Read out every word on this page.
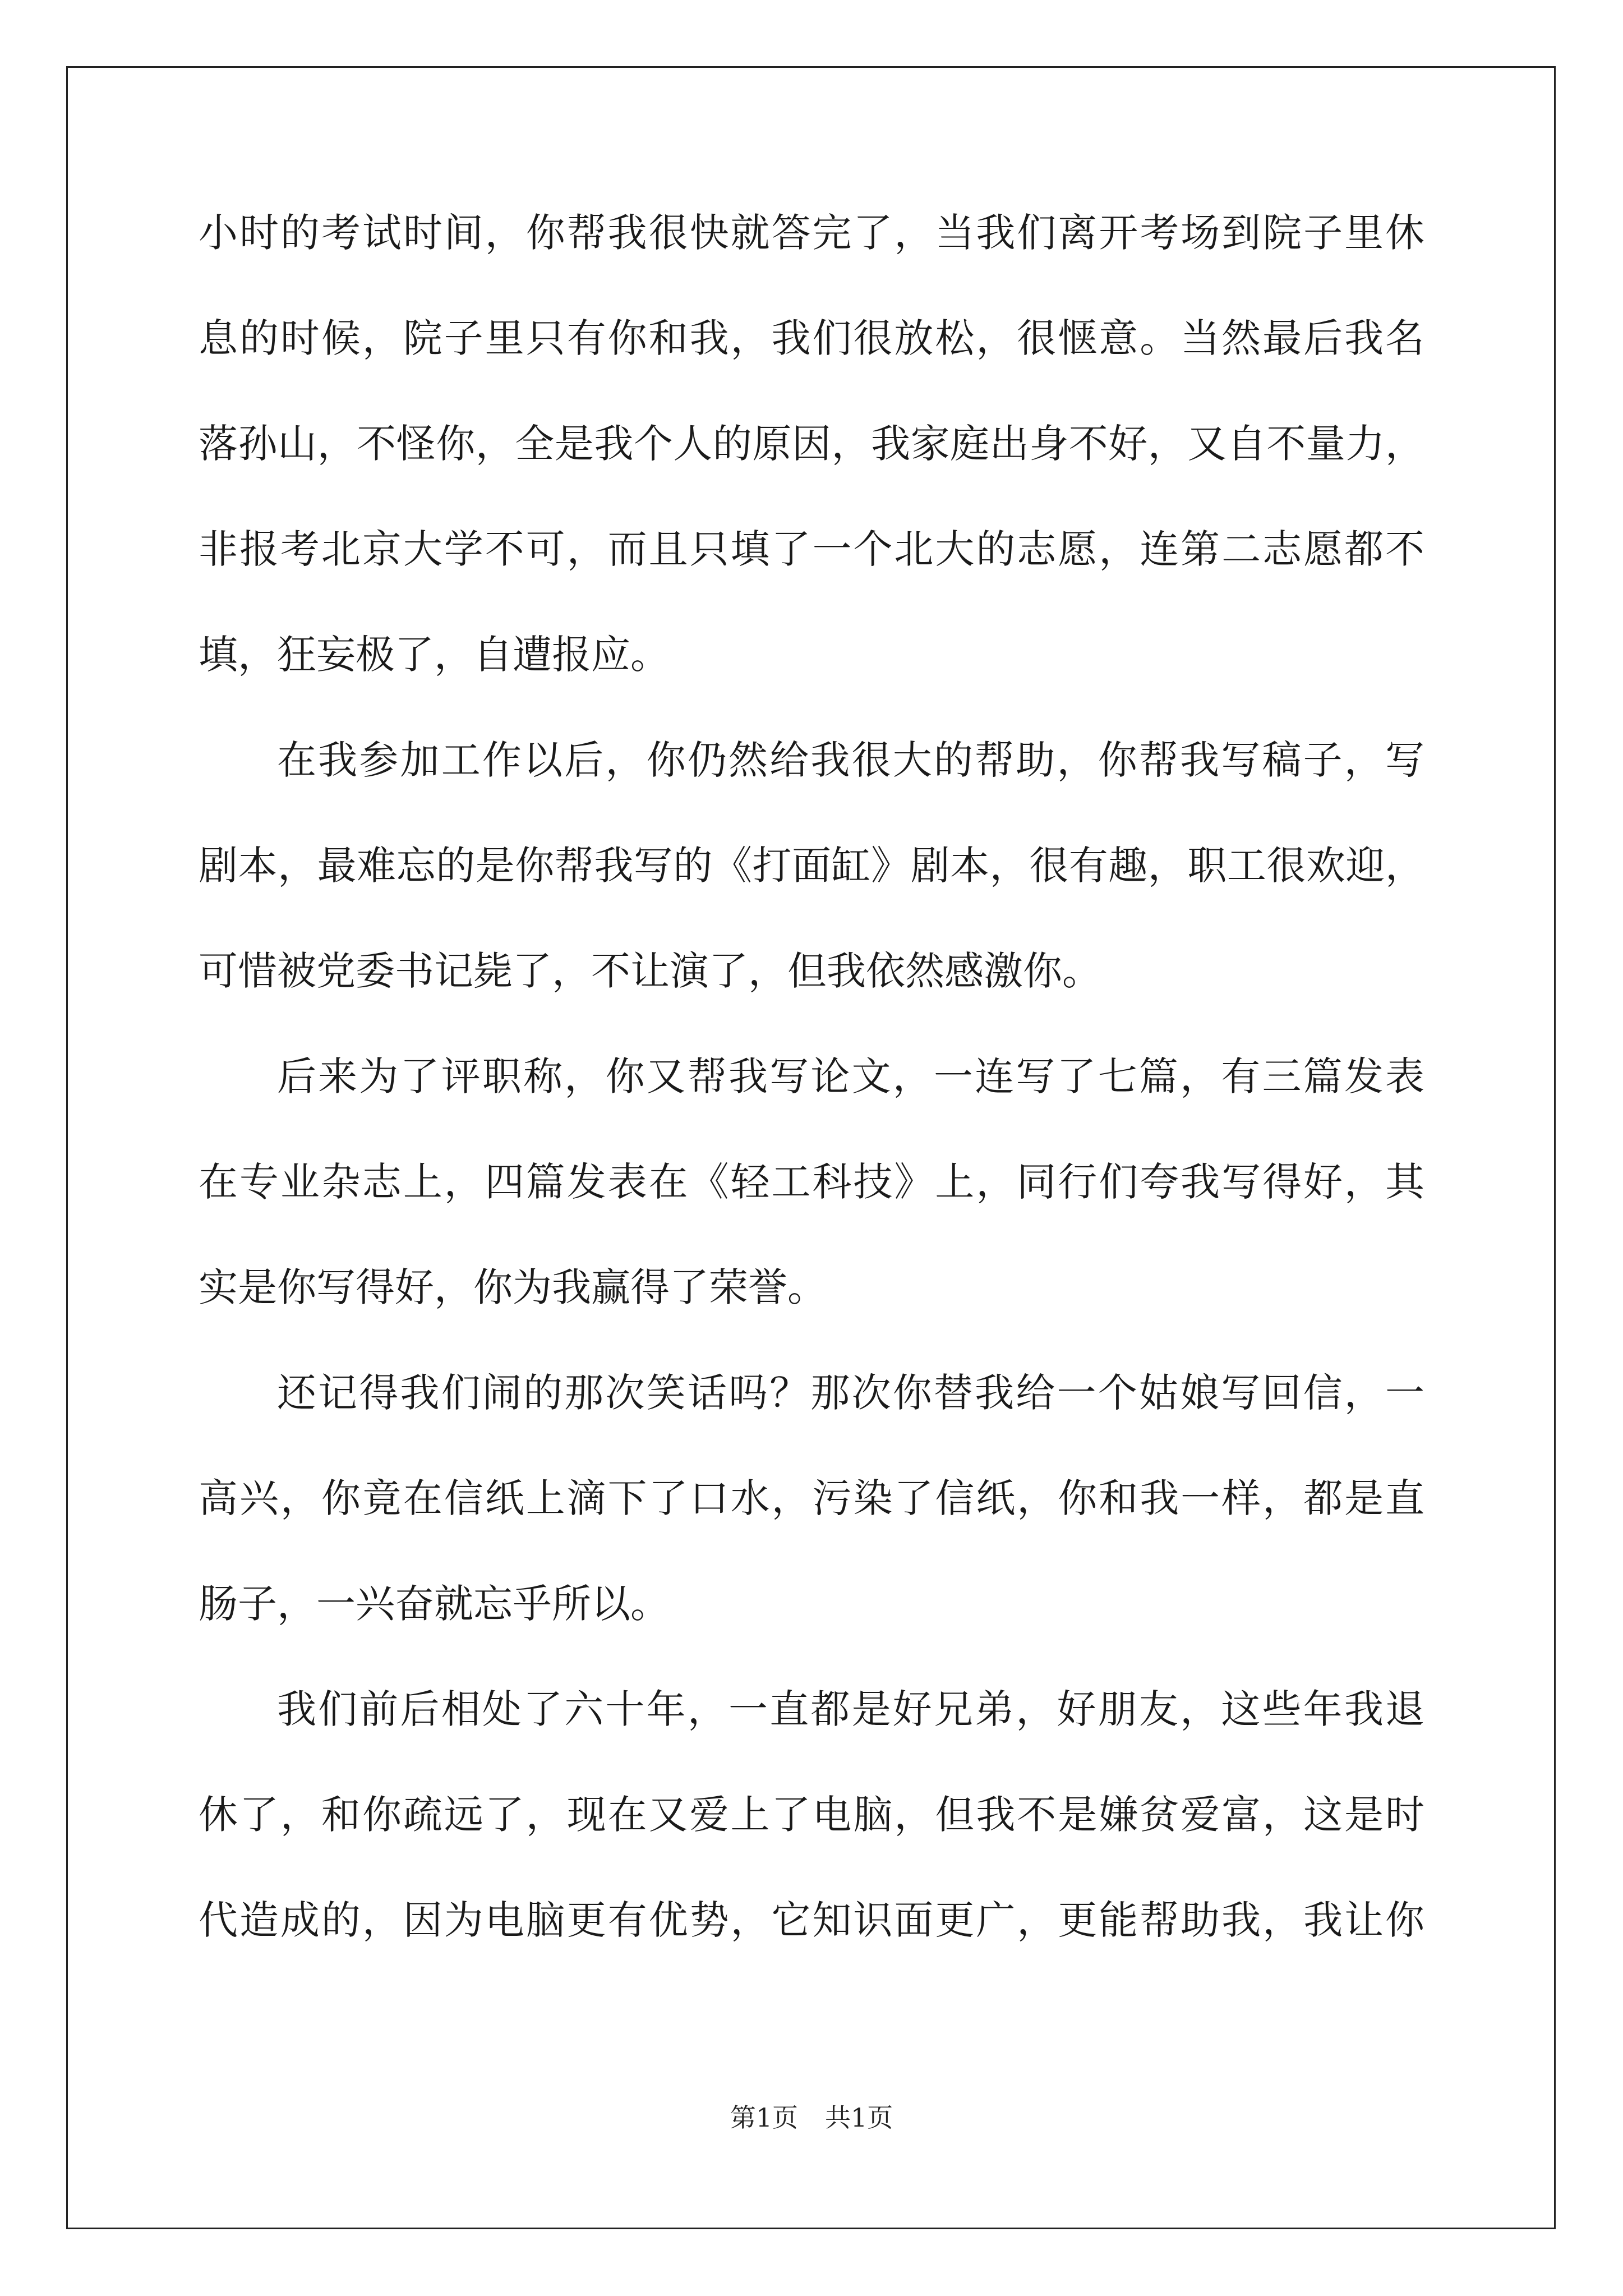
小时的考试时间，你帮我很快就答完了，当我们离开考场到院子里休
息的时候，院子里只有你和我，我们很放松，很惬意。当然最后我名
落孙山，不怪你，全是我个人的原因，我家庭出身不好，又自不量力，
非报考北京大学不可，而且只填了一个北大的志愿，连第二志愿都不
填，狂妄极了，自遭报应。
在我参加工作以后，你仍然给我很大的帮助，你帮我写稿子，写
剧本，最难忘的是你帮我写的《打面缸》剧本，很有趣，职工很欢迎，
可惜被党委书记毙了，不让演了，但我依然感激你。
后来为了评职称，你又帮我写论文，一连写了七篇，有三篇发表
在专业杂志上，四篇发表在《轻工科技》上，同行们夸我写得好，其
实是你写得好，你为我赢得了荣誉。
还记得我们闹的那次笑话吗？那次你替我给一个姑娘写回信，一
高兴，你竟在信纸上滴下了口水，污染了信纸，你和我一样，都是直
肠子，一兴奋就忘乎所以。
我们前后相处了六十年，一直都是好兄弟，好朋友，这些年我退
休了，和你疏远了，现在又爱上了电脑，但我不是嫌贫爱富，这是时
代造成的，因为电脑更有优势，它知识面更广，更能帮助我，我让你
第1页 共1页
